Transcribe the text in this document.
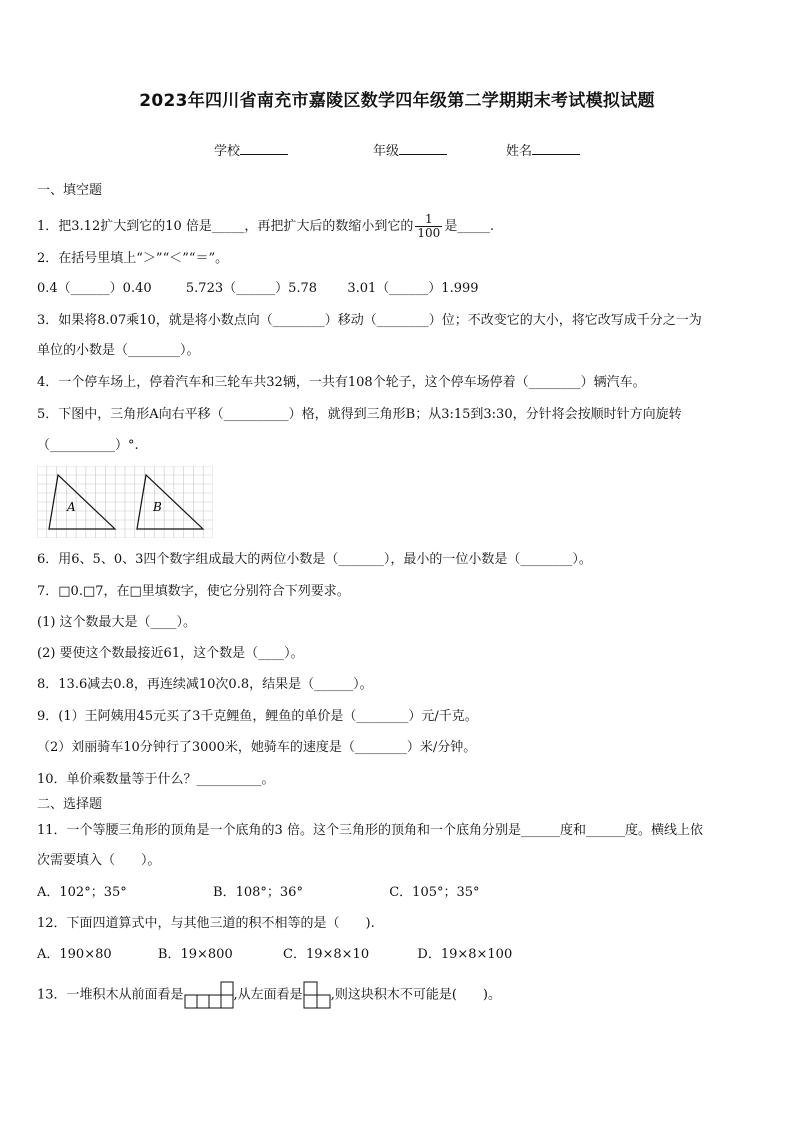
2023年四川省南充市嘉陵区数学四年级第二学期期末考试模拟试题
学校	年级	姓名
一、填空题
1．把3.12扩大到它的10 倍是_____，再把扩大后的数缩小到它的 $\frac{1}{100}$ 是_____.
2．在括号里填上“＞”“＜”“＝”。
0.4（______）0.40	5.723（______）5.78 3.01（______）1.999
3．如果将8.07乘10，就是将小数点向（________）移动（________）位；不改变它的大小，将它改写成千分之一为
单位的小数是（________）。
4．一个停车场上，停着汽车和三轮车共32辆，一共有108个轮子，这个停车场停着（________）辆汽车。
5．下图中，三角形A向右平移（__________）格，就得到三角形B；从3:15到3:30，分针将会按顺时针方向旋转
（__________）°.
A	B
6．用6、5、0、3四个数字组成最大的两位小数是（_______），最小的一位小数是（________）。
7．□0.□7，在□里填数字，使它分别符合下列要求。
(1) 这个数最大是（____）。
(2) 要使这个数最接近61，这个数是（____）。
8．13.6减去0.8，再连续减10次0.8，结果是（______）。
9．(1）王阿姨用45元买了3千克鲤鱼，鲤鱼的单价是（________）元/千克。
（2）刘丽骑车10分钟行了3000米，她骑车的速度是（________）米/分钟。
10．单价乘数量等于什么？__________。
二、选择题
11．一个等腰三角形的顶角是一个底角的3 倍。这个三角形的顶角和一个底角分别是______度和______度。横线上依
次需要填入（　　）。
A．102°；35°	B．108°；36°	C．105°；35°
12．下面四道算式中，与其他三道的积不相等的是（　　).
A．190×80	B．19×800	C．19×8×10	D．19×8×100
13．一堆积木从前面看是	,从左面看是 ,则这块积木不可能是(　　)。
